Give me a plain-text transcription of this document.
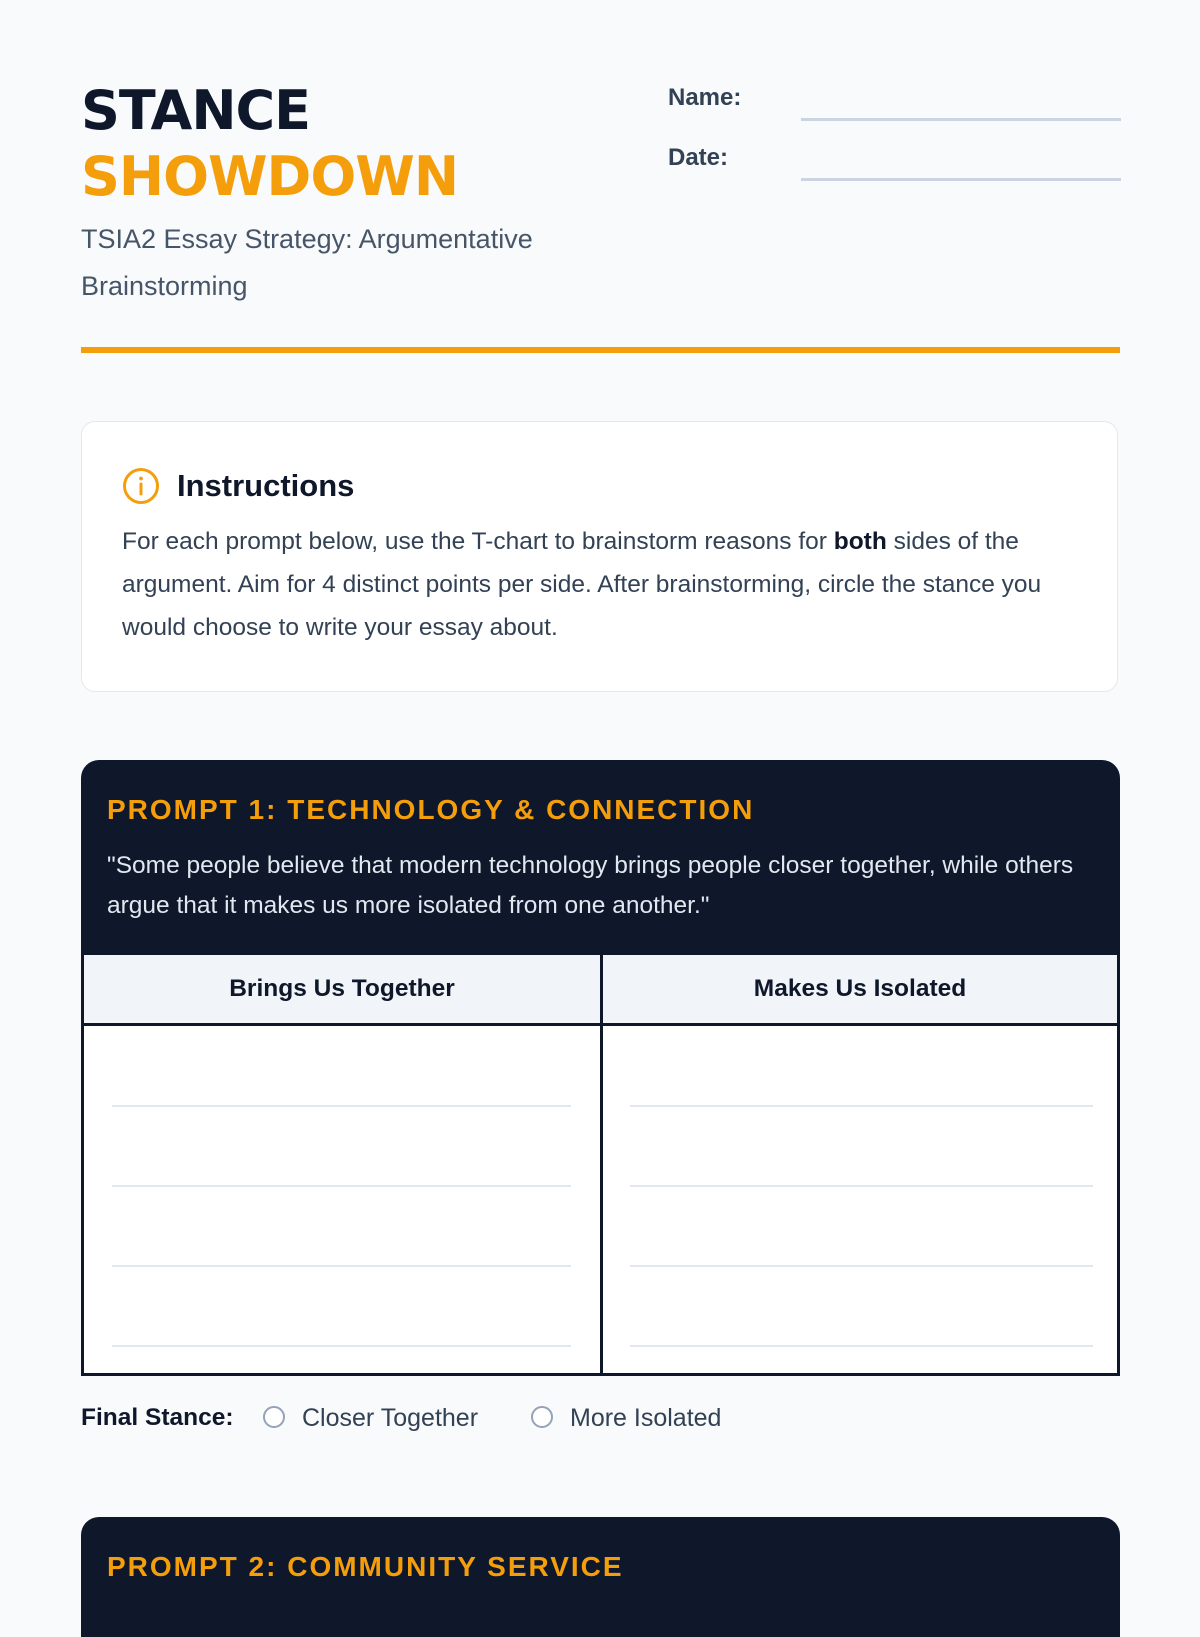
STANCE
SHOWDOWN
TSIA2 Essay Strategy: Argumentative Brainstorming
Name:
Date:
Instructions
For each prompt below, use the T-chart to brainstorm reasons for both sides of the argument. Aim for 4 distinct points per side. After brainstorming, circle the stance you would choose to write your essay about.
PROMPT 1: TECHNOLOGY & CONNECTION
"Some people believe that modern technology brings people closer together, while others argue that it makes us more isolated from one another."
Brings Us Together	Makes Us Isolated
Final Stance:	Closer Together	More Isolated
PROMPT 2: COMMUNITY SERVICE
